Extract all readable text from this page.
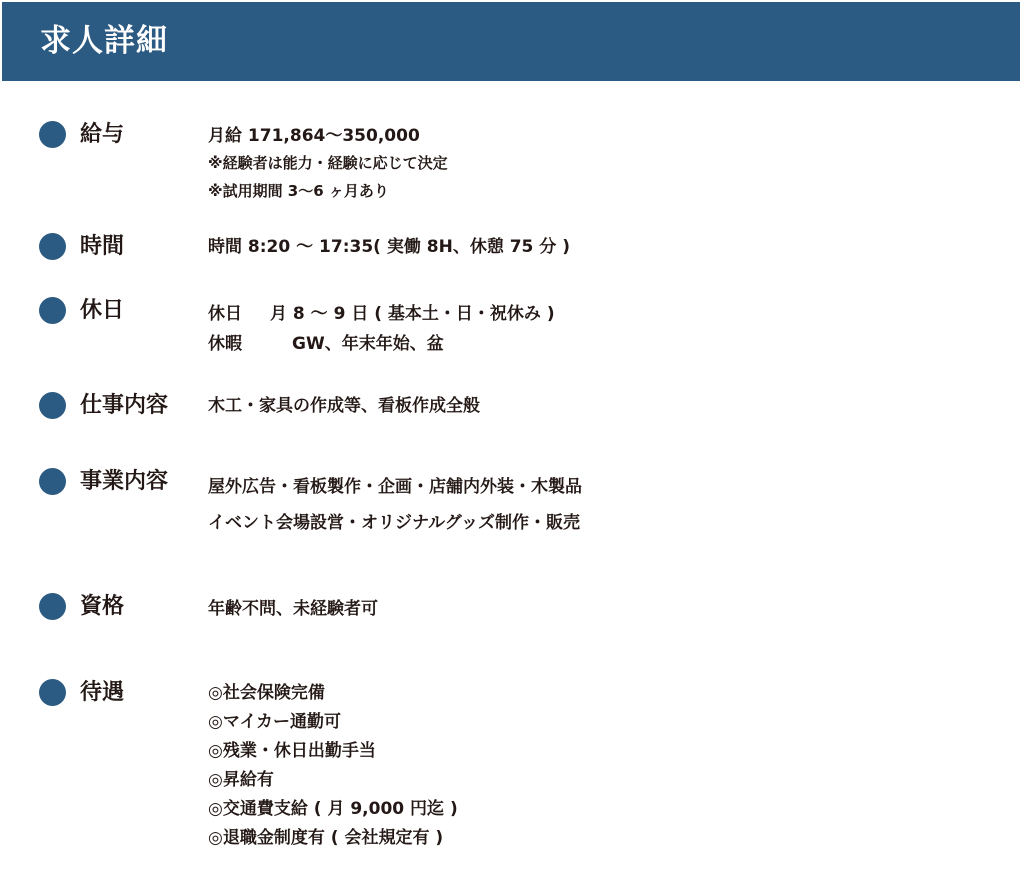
求人詳細
給与	月給 171,864〜350,000
※経験者は能力・経験に応じて決定
※試用期間 3〜6 ヶ月あり
時間	時間 8:20 〜 17:35( 実働 8H、休憩 75 分 )
休日	休日 月 8 〜 9 日 ( 基本土・日・祝休み )
休暇	GW、年末年始、盆
仕事内容 木工・家具の作成等、看板作成全般
事業内容 屋外広告・看板製作・企画・店舗内外装・木製品
イベント会場設営・オリジナルグッズ制作・販売
資格	年齢不問、未経験者可
待遇	◎社会保険完備
◎マイカー通勤可
◎残業・休日出勤手当
◎昇給有
◎交通費支給 ( 月 9,000 円迄 )
◎退職金制度有 ( 会社規定有 )
